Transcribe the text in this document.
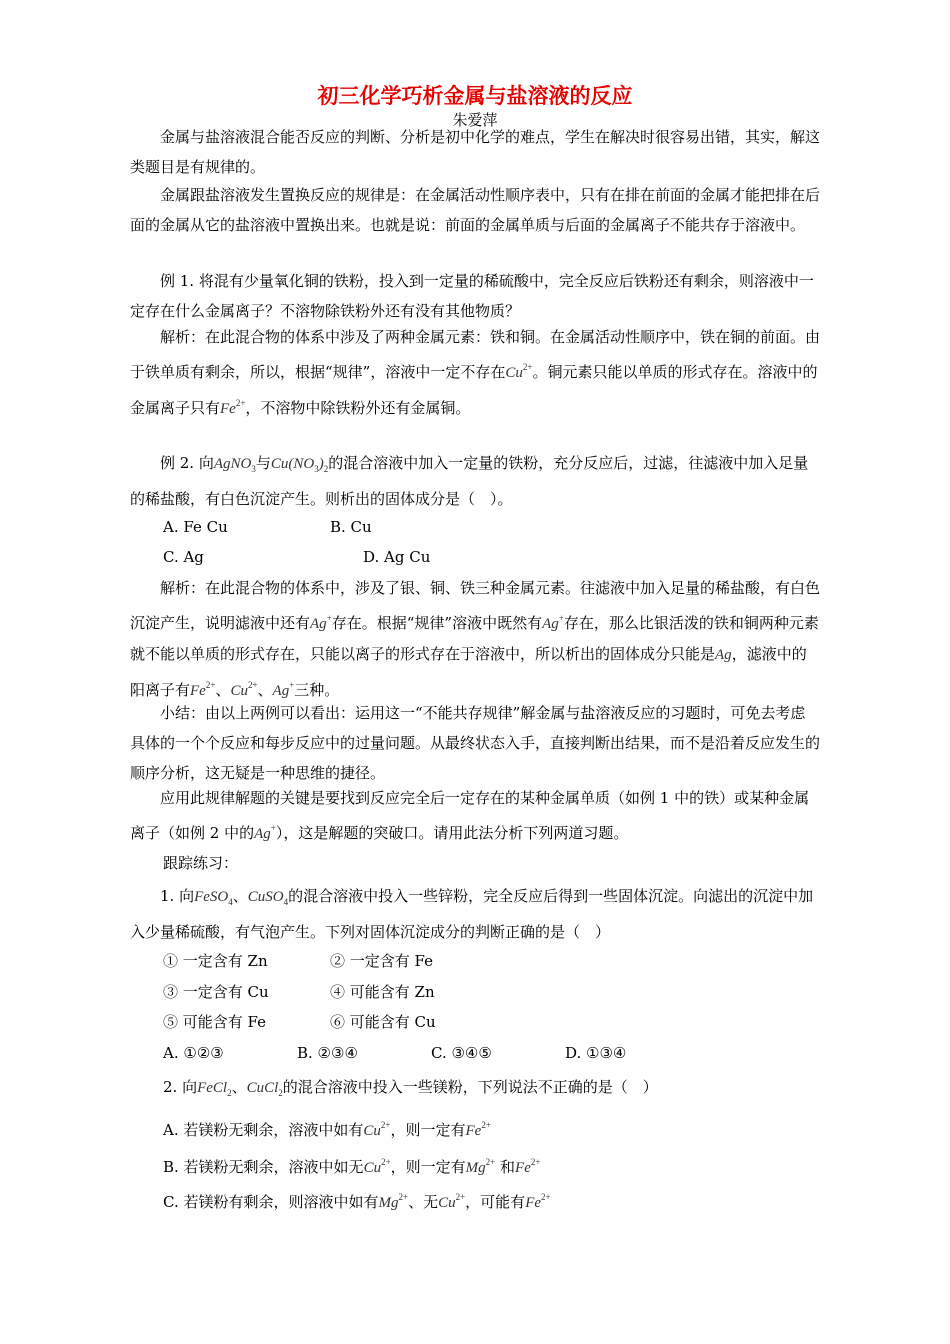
初三化学巧析金属与盐溶液的反应
朱爱萍

金属与盐溶液混合能否反应的判断、分析是初中化学的难点，学生在解决时很容易出错，其实，解这类题目是有规律的。

金属跟盐溶液发生置换反应的规律是：在金属活动性顺序表中，只有在排在前面的金属才能把排在后面的金属从它的盐溶液中置换出来。也就是说：前面的金属单质与后面的金属离子不能共存于溶液中。

例 1. 将混有少量氧化铜的铁粉，投入到一定量的稀硫酸中，完全反应后铁粉还有剩余，则溶液中一定存在什么金属离子？不溶物除铁粉外还有没有其他物质？

解析：在此混合物的体系中涉及了两种金属元素：铁和铜。在金属活动性顺序中，铁在铜的前面。由于铁单质有剩余，所以，根据“规律”，溶液中一定不存在$Cu^{2+}$。铜元素只能以单质的形式存在。溶液中的金属离子只有$Fe^{2+}$，不溶物中除铁粉外还有金属铜。

例 2. 向AgNO$_3$与$Cu(NO_3)_2$的混合溶液中加入一定量的铁粉，充分反应后，过滤，往滤液中加入足量的稀盐酸，有白色沉淀产生。则析出的固体成分是（　）。

A. Fe Cu	B. Cu
C. Ag	D. Ag Cu

解析：在此混合物的体系中，涉及了银、铜、铁三种金属元素。往滤液中加入足量的稀盐酸，有白色沉淀产生，说明滤液中还有Ag+存在。根据“规律”溶液中既然有Ag+存在，那么比银活泼的铁和铜两种元素就不能以单质的形式存在，只能以离子的形式存在于溶液中，所以析出的固体成分只能是Ag，滤液中的阳离子有$Fe^{2+}$、$Cu^{2+}$、Ag+三种。

小结：由以上两例可以看出：运用这一“不能共存规律”解金属与盐溶液反应的习题时，可免去考虑具体的一个个反应和每步反应中的过量问题。从最终状态入手，直接判断出结果，而不是沿着反应发生的顺序分析，这无疑是一种思维的捷径。

应用此规律解题的关键是要找到反应完全后一定存在的某种金属单质（如例 1 中的铁）或某种金属离子（如例 2 中的Ag+），这是解题的突破口。请用此法分析下列两道习题。

跟踪练习：

1. 向FeSO$_4$、CuSO$_4$的混合溶液中投入一些锌粉，完全反应后得到一些固体沉淀。向滤出的沉淀中加入少量稀硫酸，有气泡产生。下列对固体沉淀成分的判断正确的是（　）

① 一定含有 Zn	② 一定含有 Fe
③ 一定含有 Cu	④ 可能含有 Zn
⑤ 可能含有 Fe	⑥ 可能含有 Cu
A. ①②③	B. ②③④	C. ③④⑤	D. ①③④
2. 向FeCl$_2$、CuCl$_2$的混合溶液中投入一些镁粉，下列说法不正确的是（　）
A. 若镁粉无剩余，溶液中如有$Cu^{2+}$，则一定有$Fe^{2+}$
B. 若镁粉无剩余，溶液中如无$Cu^{2+}$，则一定有$Mg^{2+}$ 和$Fe^{2+}$
C. 若镁粉有剩余，则溶液中如有$Mg^{2+}$、无$Cu^{2+}$，可能有$Fe^{2+}$
